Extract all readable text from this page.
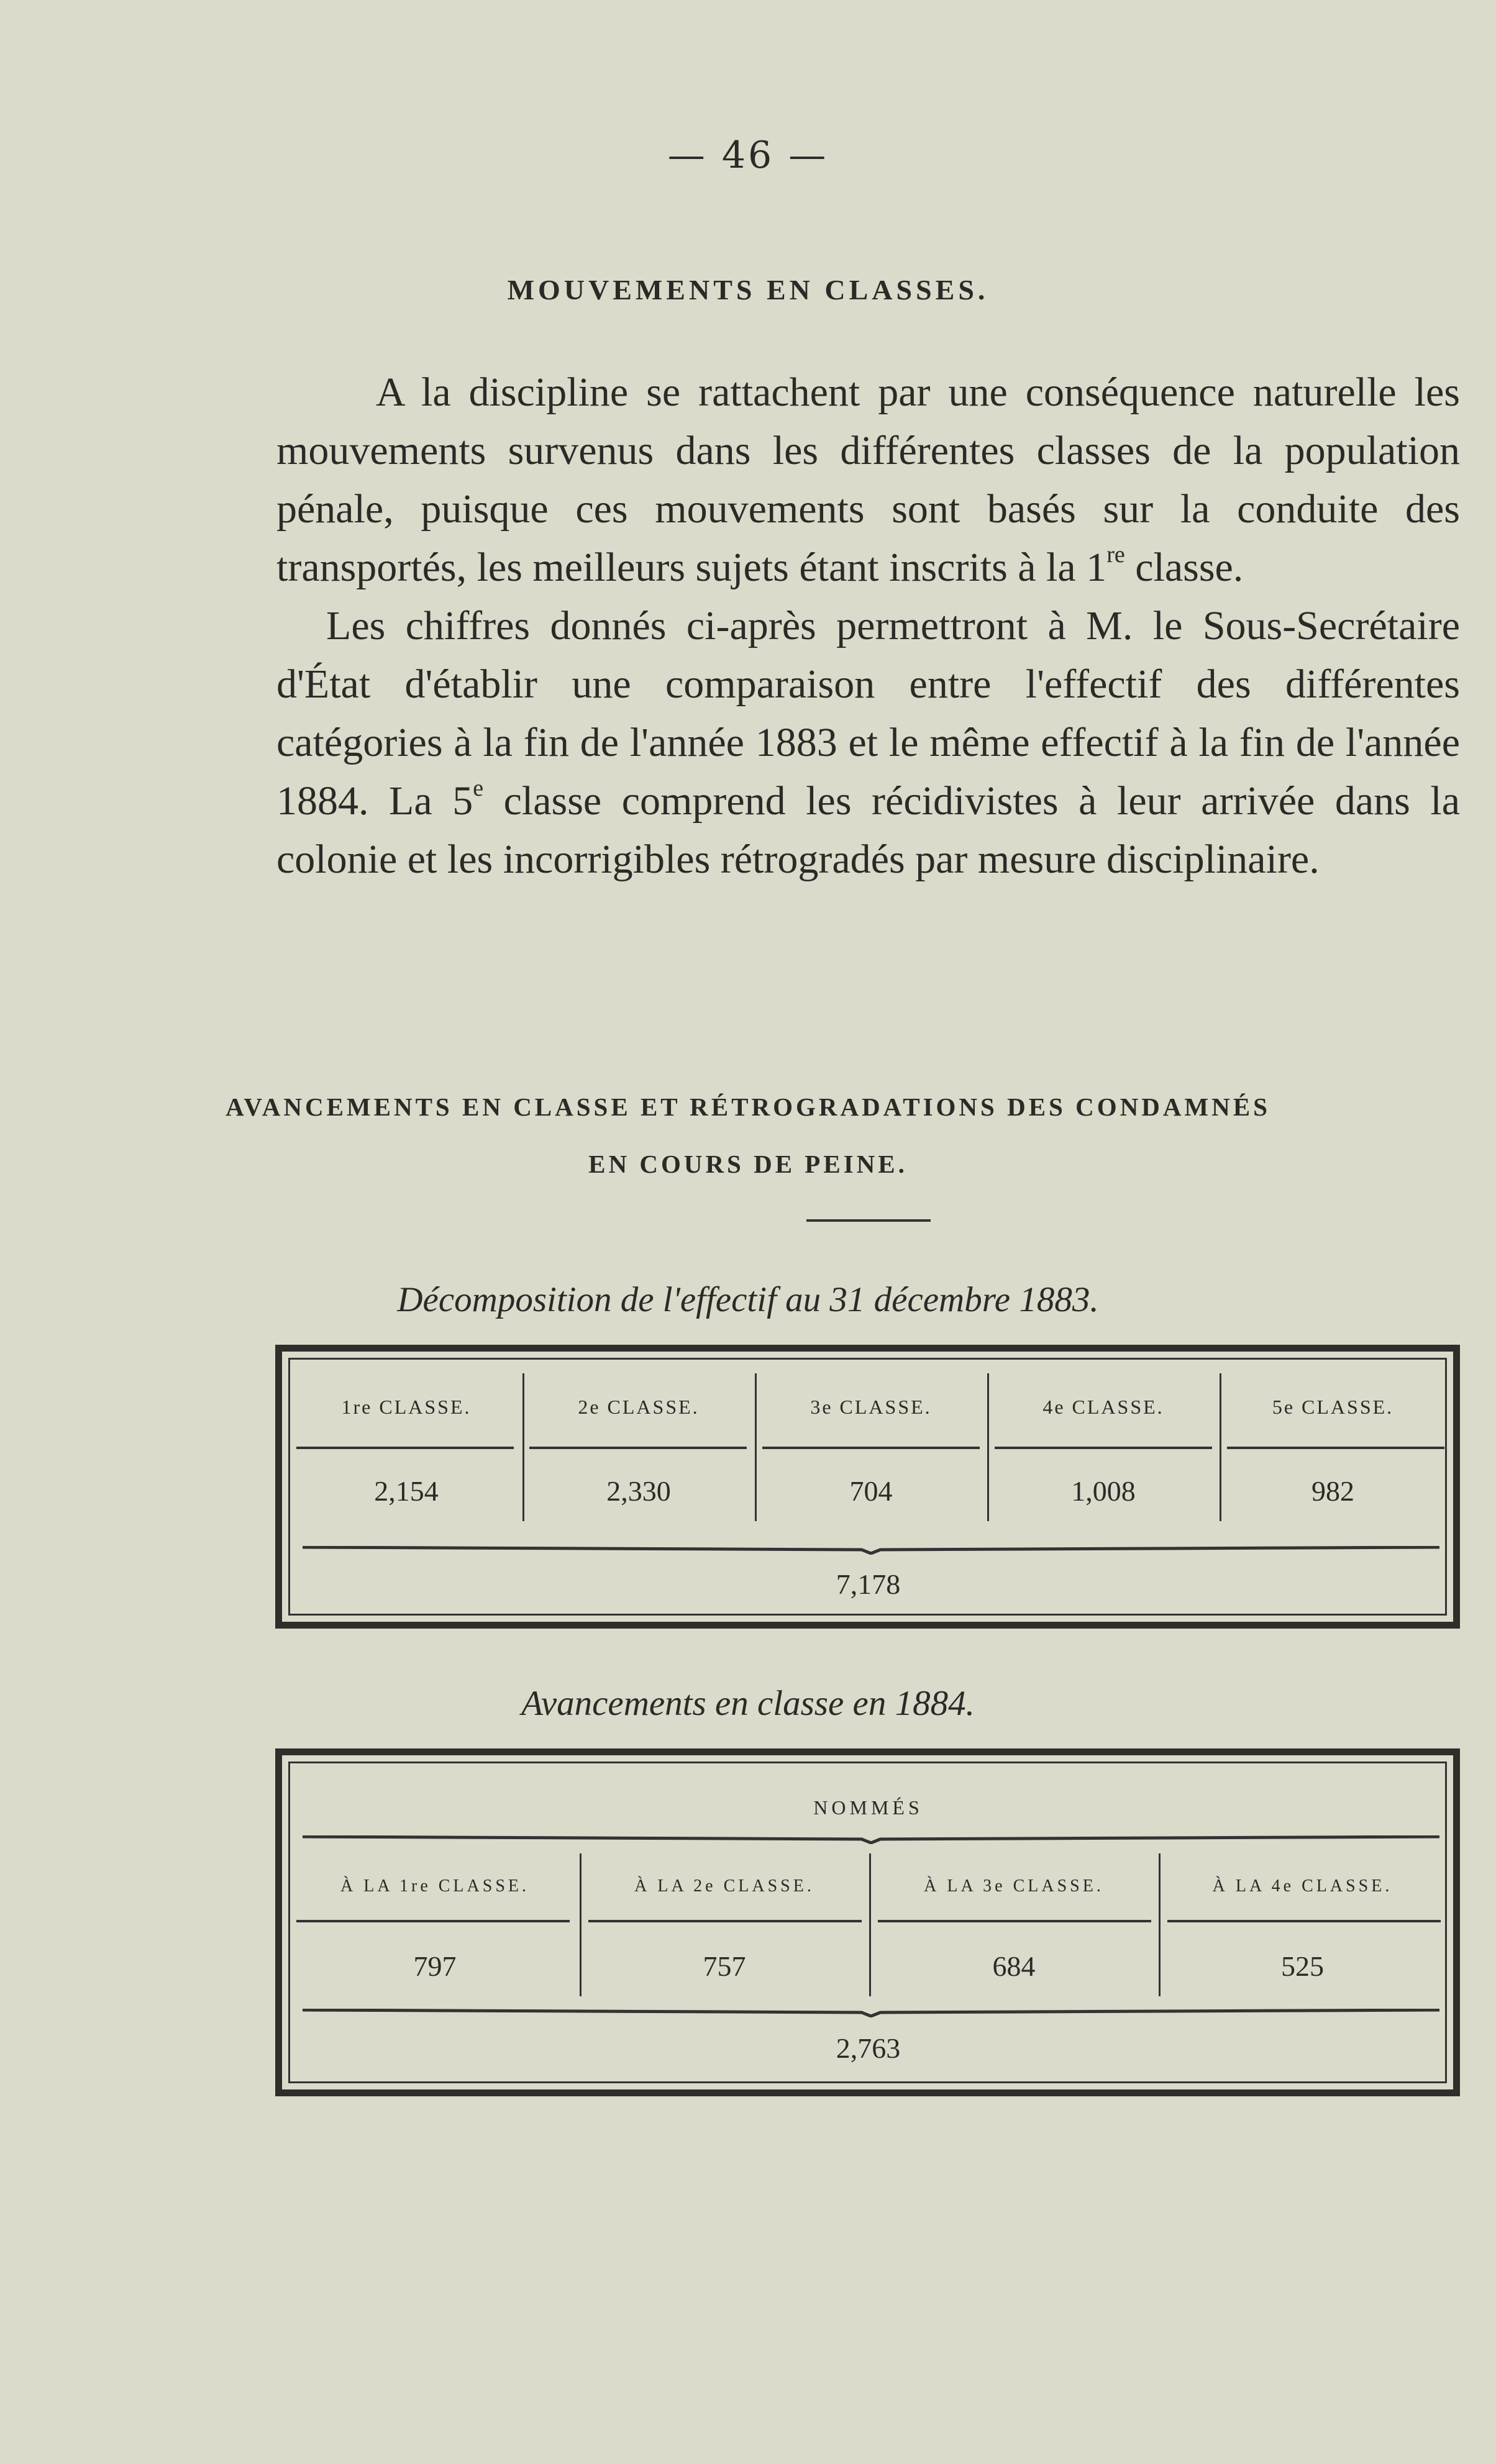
— 46 —
MOUVEMENTS EN CLASSES.

A la discipline se rattachent par une conséquence naturelle les mouvements survenus dans les différentes classes de la population pénale, puisque ces mouvements sont basés sur la conduite des transportés, les meilleurs sujets étant inscrits à la 1re classe.

Les chiffres donnés ci-après permettront à M. le Sous-Secrétaire d'État d'établir une comparaison entre l'effectif des différentes catégories à la fin de l'année 1883 et le même effectif à la fin de l'année 1884. La 5e classe comprend les récidivistes à leur arrivée dans la colonie et les incorrigibles rétrogradés par mesure disciplinaire.

AVANCEMENTS EN CLASSE ET RÉTROGRADATIONS DES CONDAMNÉS
EN COURS DE PEINE.
Décomposition de l'effectif au 31 décembre 1883.
1re CLASSE.	2e CLASSE.	3e CLASSE.	4e CLASSE.	5e CLASSE.
2,154	2,330	704	1,008	982
7,178
Avancements en classe en 1884.
NOMMÉS
À LA 1re CLASSE.	À LA 2e CLASSE.	À LA 3e CLASSE.	À LA 4e CLASSE.
797	757	684	525
2,763
